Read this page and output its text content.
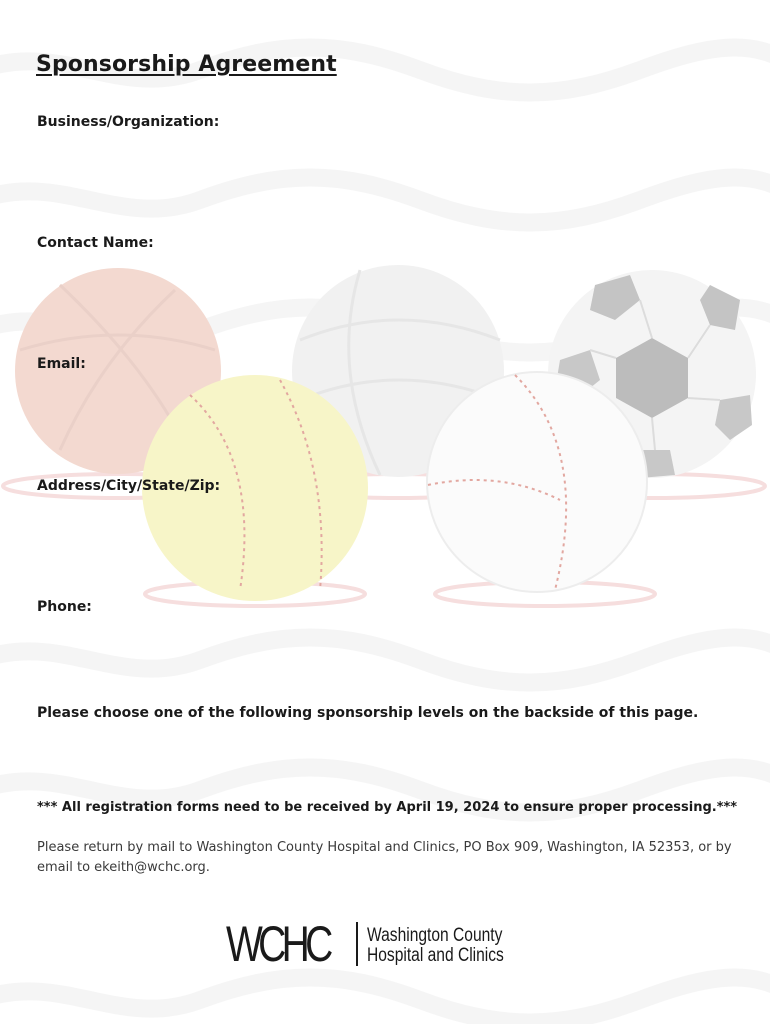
Sponsorship Agreement
Business/Organization:
Contact Name:
Email:
Address/City/State/Zip:
Phone:
Please choose one of the following sponsorship levels on the backside of this page.
*** All registration forms need to be received by April 19, 2024 to ensure proper processing.***
Please return by mail to Washington County Hospital and Clinics, PO Box 909, Washington, IA 52353, or by email to ekeith@wchc.org.
WCHC Washington County
Hospital and Clinics
